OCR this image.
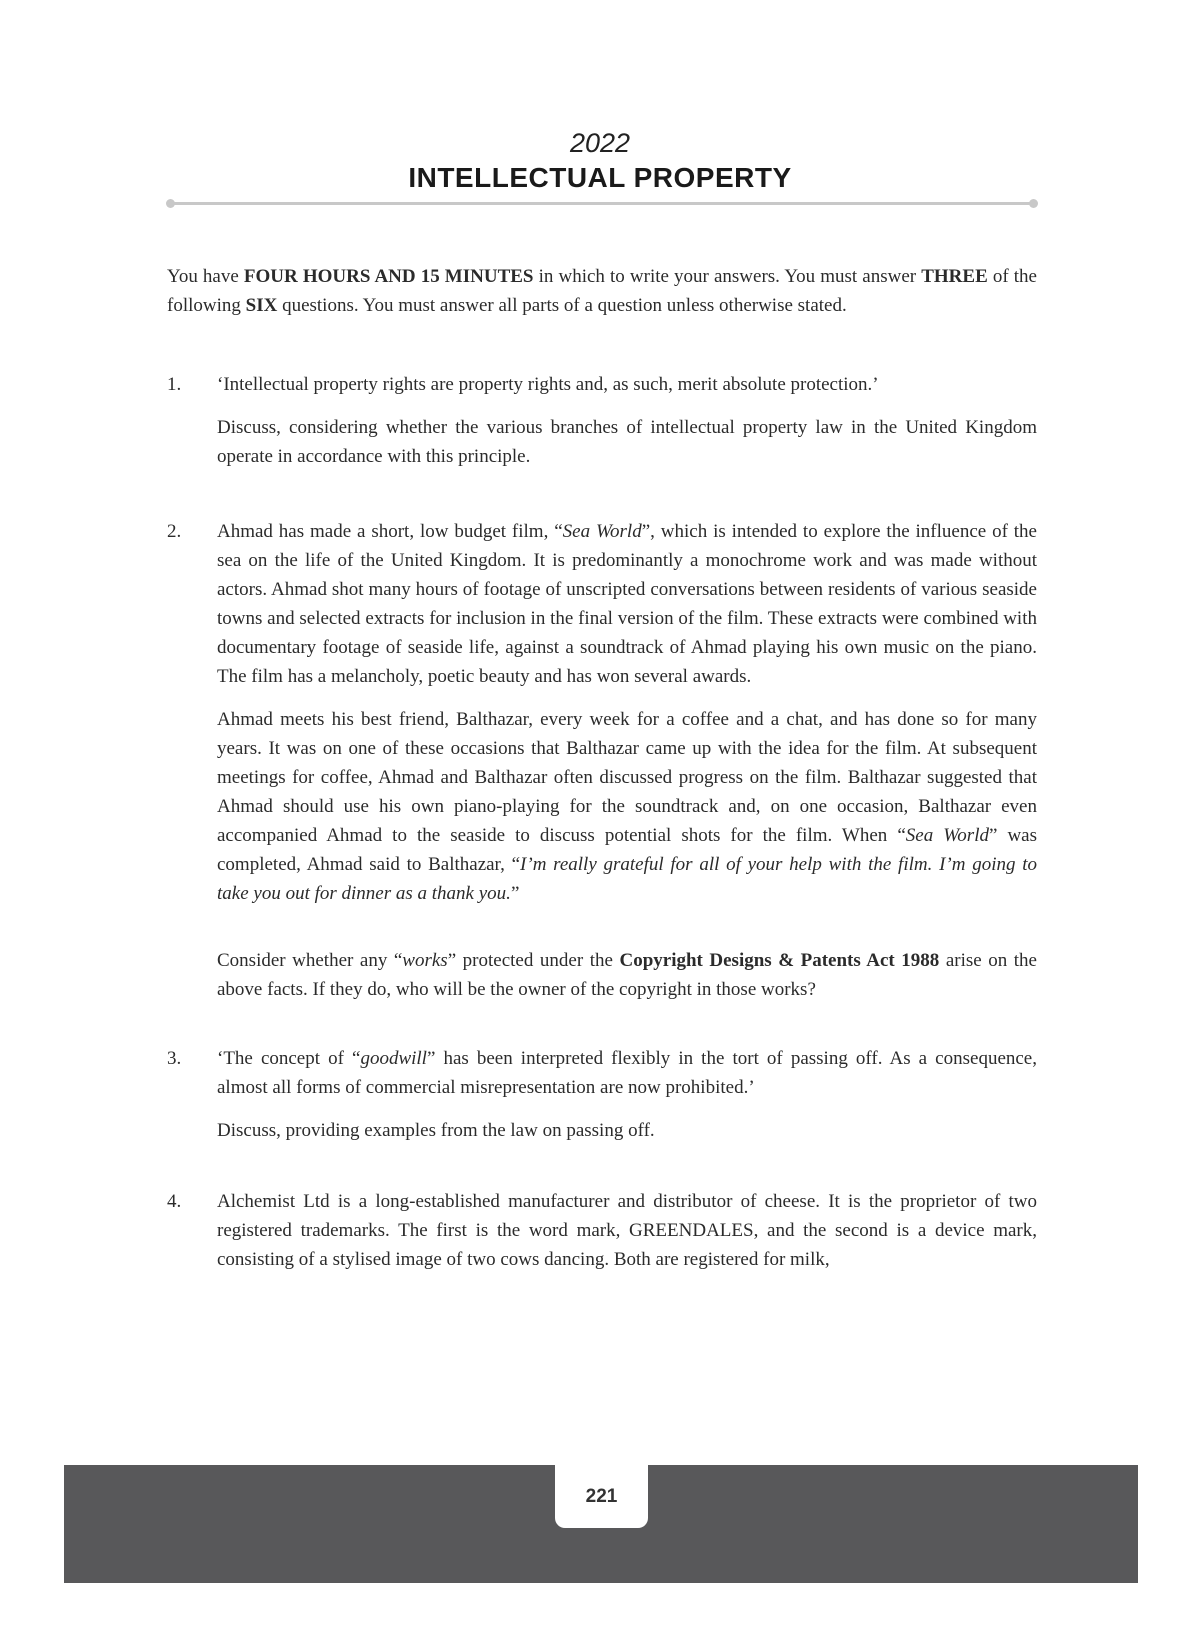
2022
INTELLECTUAL PROPERTY

You have FOUR HOURS AND 15 MINUTES in which to write your answers. You must answer THREE of the following SIX questions. You must answer all parts of a question unless otherwise stated.

1. ‘Intellectual property rights are property rights and, as such, merit absolute protection.’

Discuss, considering whether the various branches of intellectual property law in the United Kingdom operate in accordance with this principle.

2. Ahmad has made a short, low budget film, “Sea World”, which is intended to explore the influence of the sea on the life of the United Kingdom. It is predominantly a monochrome work and was made without actors. Ahmad shot many hours of footage of unscripted conversations between residents of various seaside towns and selected extracts for inclusion in the final version of the film. These extracts were combined with documentary footage of seaside life, against a soundtrack of Ahmad playing his own music on the piano. The film has a melancholy, poetic beauty and has won several awards.

Ahmad meets his best friend, Balthazar, every week for a coffee and a chat, and has done so for many years. It was on one of these occasions that Balthazar came up with the idea for the film. At subsequent meetings for coffee, Ahmad and Balthazar often discussed progress on the film. Balthazar suggested that Ahmad should use his own piano-playing for the soundtrack and, on one occasion, Balthazar even accompanied Ahmad to the seaside to discuss potential shots for the film. When “Sea World” was completed, Ahmad said to Balthazar, “I’m really grateful for all of your help with the film. I’m going to take you out for dinner as a thank you.”

Consider whether any “works” protected under the Copyright Designs & Patents Act 1988 arise on the above facts. If they do, who will be the owner of the copyright in those works?

3. ‘The concept of “goodwill” has been interpreted flexibly in the tort of passing off. As a consequence, almost all forms of commercial misrepresentation are now prohibited.’

Discuss, providing examples from the law on passing off.

4. Alchemist Ltd is a long-established manufacturer and distributor of cheese. It is the proprietor of two registered trademarks. The first is the word mark, GREENDALES, and the second is a device mark, consisting of a stylised image of two cows dancing. Both are registered for milk,

221
